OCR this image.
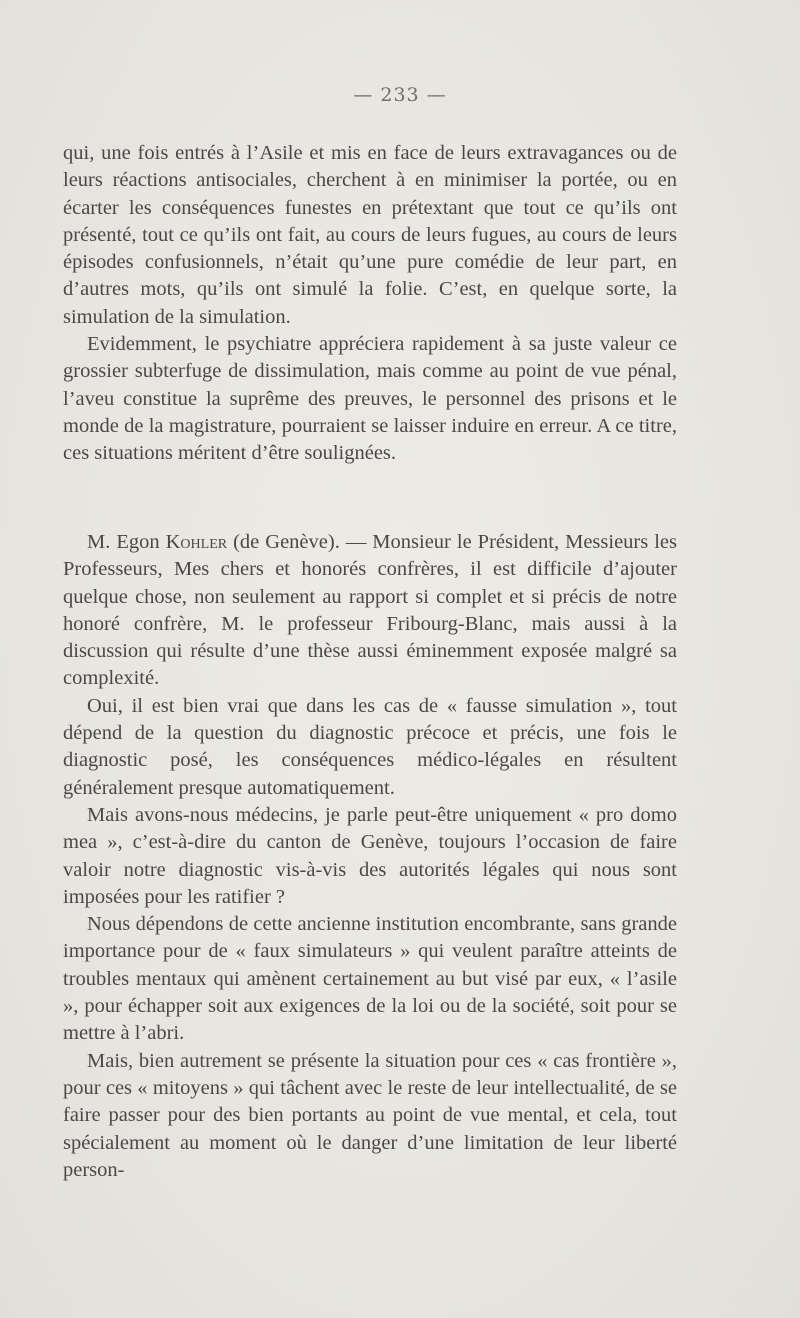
— 233 —

qui, une fois entrés à l’Asile et mis en face de leurs extravagances ou de leurs réactions antisociales, cherchent à en minimiser la portée, ou en écarter les conséquences funestes en prétextant que tout ce qu’ils ont présenté, tout ce qu’ils ont fait, au cours de leurs fugues, au cours de leurs épisodes confusionnels, n’était qu’une pure comédie de leur part, en d’autres mots, qu’ils ont simulé la folie. C’est, en quelque sorte, la simulation de la simulation.

Evidemment, le psychiatre appréciera rapidement à sa juste valeur ce grossier subterfuge de dissimulation, mais comme au point de vue pénal, l’aveu constitue la suprême des preuves, le personnel des prisons et le monde de la magistrature, pourraient se laisser induire en erreur. A ce titre, ces situations méritent d’être soulignées.

M. Egon Kohler (de Genève). — Monsieur le Président, Messieurs les Professeurs, Mes chers et honorés confrères, il est difficile d’ajouter quelque chose, non seulement au rapport si complet et si précis de notre honoré confrère, M. le professeur Fribourg-Blanc, mais aussi à la discussion qui résulte d’une thèse aussi éminemment exposée malgré sa complexité.

Oui, il est bien vrai que dans les cas de « fausse simulation », tout dépend de la question du diagnostic précoce et précis, une fois le diagnostic posé, les conséquences médico-légales en résultent généralement presque automatiquement.

Mais avons-nous médecins, je parle peut-être uniquement « pro domo mea », c’est-à-dire du canton de Genève, toujours l’occasion de faire valoir notre diagnostic vis-à-vis des autorités légales qui nous sont imposées pour les ratifier ?

Nous dépendons de cette ancienne institution encombrante, sans grande importance pour de « faux simulateurs » qui veulent paraître atteints de troubles mentaux qui amènent certainement au but visé par eux, « l’asile », pour échapper soit aux exigences de la loi ou de la société, soit pour se mettre à l’abri.

Mais, bien autrement se présente la situation pour ces « cas frontière », pour ces « mitoyens » qui tâchent avec le reste de leur intellectualité, de se faire passer pour des bien portants au point de vue mental, et cela, tout spécialement au moment où le danger d’une limitation de leur liberté person-
